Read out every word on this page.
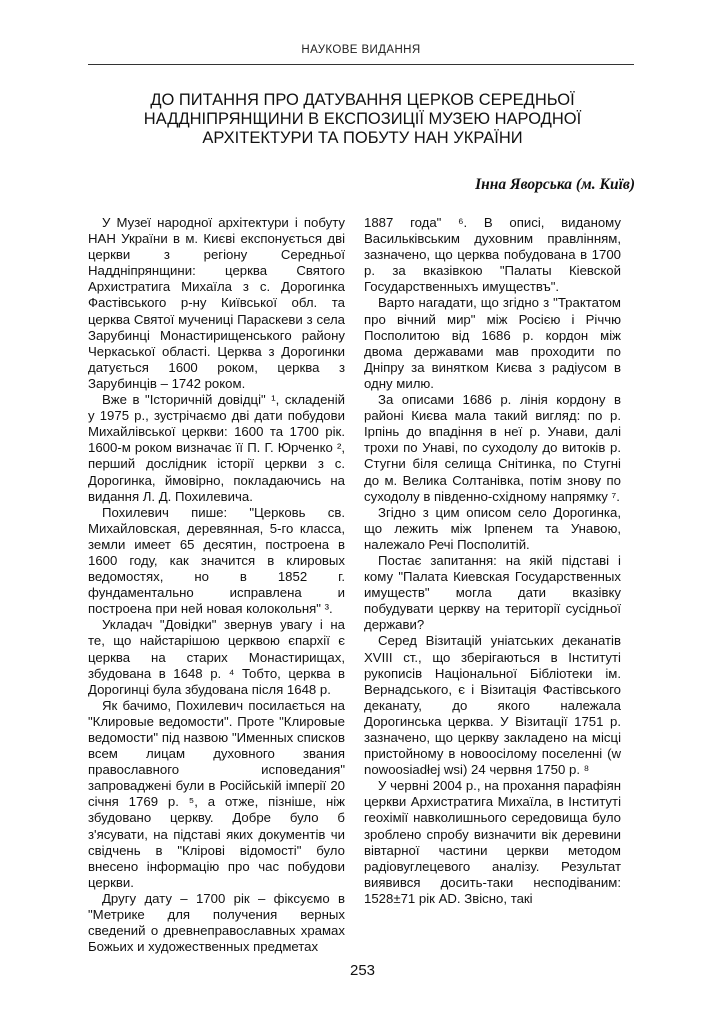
НАУКОВЕ ВИДАННЯ
ДО ПИТАННЯ ПРО ДАТУВАННЯ ЦЕРКОВ СЕРЕДНЬОЇ НАДДНІПРЯНЩИНИ В ЕКСПОЗИЦІЇ МУЗЕЮ НАРОДНОЇ АРХІТЕКТУРИ ТА ПОБУТУ НАН УКРАЇНИ
Інна Яворська (м. Київ)

У Музеї народної архітектури і побуту НАН України в м. Києві експонується дві церкви з регіону Середньої Наддніпрянщини: церква Святого Архистратига Михаїла з с. Дорогинка Фастівського р-ну Київської обл. та церква Святої мучениці Параскеви з села Зарубинці Монастирищенського району Черкаської області. Церква з Дорогинки датується 1600 роком, церква з Зарубинців – 1742 роком.

Вже в "Історичній довідці" ¹, складеній у 1975 р., зустрічаємо дві дати побудови Михайлівської церкви: 1600 та 1700 рік. 1600-м роком визначає її П. Г. Юрченко ², перший дослідник історії церкви з с. Дорогинка, ймовірно, покладаючись на видання Л. Д. Похилевича.

Похилевич пише: "Церковь св. Михайловская, деревянная, 5-го класса, земли имеет 65 десятин, построена в 1600 году, как значится в клировых ведомостях, но в 1852 г. фундаментально исправлена и построена при ней новая колокольня" ³.

Укладач "Довідки" звернув увагу і на те, що найстарішою церквою єпархії є церква на старих Монастирищах, збудована в 1648 р. ⁴ Тобто, церква в Дорогинці була збудована після 1648 р.

Як бачимо, Похилевич посилається на "Клировые ведомости". Проте "Клировые ведомости" під назвою "Именных списков всем лицам духовного звания православного исповедания" запроваджені були в Російській імперії 20 січня 1769 р. ⁵, а отже, пізніше, ніж збудовано церкву. Добре було б з'ясувати, на підставі яких документів чи свідчень в "Клірові відомості" було внесено інформацію про час побудови церкви.

Другу дату – 1700 рік – фіксуємо в "Метрике для получения верных сведений о древнеправославных храмах Божьих и художественных предметах

1887 года" ⁶. В описі, виданому Васильківським духовним правлінням, зазначено, що церква побудована в 1700 р. за вказівкою "Палаты Кіевской Государственныхъ имуществъ".

Варто нагадати, що згідно з "Трактатом про вічний мир" між Росією і Річчю Посполитою від 1686 р. кордон між двома державами мав проходити по Дніпру за винятком Києва з радіусом в одну милю.

За описами 1686 р. лінія кордону в районі Києва мала такий вигляд: по р. Ірпінь до впадіння в неї р. Унави, далі трохи по Унаві, по суходолу до витоків р. Стугни біля селища Снітинка, по Стугні до м. Велика Солтанівка, потім знову по суходолу в південно-східному напрямку ⁷.

Згідно з цим описом село Дорогинка, що лежить між Ірпенем та Унавою, належало Речі Посполитій.

Постає запитання: на якій підставі і кому "Палата Киевская Государственных имуществ" могла дати вказівку побудувати церкву на території сусідньої держави?

Серед Візитацій уніатських деканатів XVIII ст., що зберігаються в Інституті рукописів Національної Бібліотеки ім. Вернадського, є і Візитація Фастівського деканату, до якого належала Дорогинська церква. У Візитації 1751 р. зазначено, що церкву закладено на місці пристойному в новоосілому поселенні (w nowoosiadłej wsi) 24 червня 1750 р. ⁸

У червні 2004 р., на прохання парафіян церкви Архистратига Михаїла, в Інституті геохімії навколишнього середовища було зроблено спробу визначити вік деревини вівтарної частини церкви методом радіовуглецевого аналізу. Результат виявився досить-таки несподіваним: 1528±71 рік AD. Звісно, такі

253
